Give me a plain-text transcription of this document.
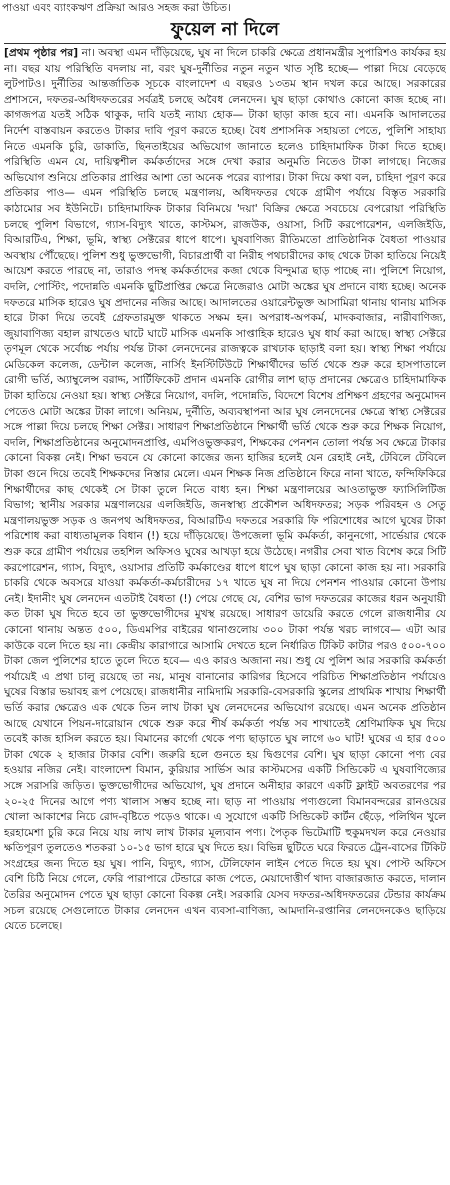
পাওয়া এবং ব্যাংকঋণ প্রক্রিয়া আরও সহজ করা উচিত।
ফুয়েল না দিলে

[প্রথম পৃষ্ঠার পর] না। অবস্থা এমন দাঁড়িয়েছে, ঘুষ না দিলে চাকরি ক্ষেত্রে প্রধানমন্ত্রীর সুপারিশও কার্যকর হয় না। বছর যায় পরিস্থিতি বদলায় না, বরং ঘুষ-দুর্নীতির নতুন নতুন খাত সৃষ্টি হচ্ছে— পাল্লা দিয়ে বেড়েছে লুটপাটও। দুর্নীতির আন্তর্জাতিক সূচকে বাংলাদেশ এ বছরও ১৩তম স্থান দখল করে আছে। সরকারের প্রশাসনে, দফতর-অধিদফতরের সর্বত্রই চলছে অবৈধ লেনদেন। ঘুষ ছাড়া কোথাও কোনো কাজ হচ্ছে না। কাগজপত্র যতই সঠিক থাকুক, দাবি যতই ন্যায্য হোক— টাকা ছাড়া কাজ হবে না। এমনকি আদালতের নির্দেশ বাস্তবায়ন করতেও টাকার দাবি পূরণ করতে হচ্ছে। বৈধ প্রশাসনিক সহায়তা পেতে, পুলিশি সাহায্য নিতে এমনকি চুরি, ডাকাতি, ছিনতাইয়ের অভিযোগ জানাতে হলেও চাহিদামাফিক টাকা দিতে হচ্ছে। পরিস্থিতি এমন যে, দায়িত্বশীল কর্মকর্তাদের সঙ্গে দেখা করার অনুমতি নিতেও টাকা লাগছে। নিজের অভিযোগ শুনিয়ে প্রতিকার প্রাপ্তির আশা তো অনেক পরের ব্যাপার। টাকা দিয়ে কথা বল, চাহিদা পূরণ করে প্রতিকার পাও— এমন পরিস্থিতি চলছে মন্ত্রণালয়, অধিদফতর থেকে গ্রামীণ পর্যায়ে বিস্তৃত সরকারি কাঠামোর সব ইউনিটে। চাহিদামাফিক টাকার বিনিময়ে 'দয়া' বিক্রির ক্ষেত্রে সবচেয়ে বেপরোয়া পরিস্থিতি চলছে পুলিশ বিভাগে, গ্যাস-বিদ্যুৎ খাতে, কাস্টমস, রাজউক, ওয়াসা, সিটি করপোরেশন, এলজিইডি, বিআরটিএ, শিক্ষা, ভূমি, স্বাস্থ্য সেক্টরের ধাপে ধাপে। ঘুষবাণিজ্য রীতিমতো প্রাতিষ্ঠানিক বৈধতা পাওয়ার অবস্থায় পৌঁছেছে। পুলিশ শুধু ভুক্তভোগী, বিচারপ্রার্থী বা নিরীহ পথচারীদের কাছ থেকে টাকা হাতিয়ে নিয়েই আয়েশ করতে পারছে না, তারাও পদস্থ কর্মকর্তাদের কজা থেকে বিন্দুমাত্র ছাড় পাচ্ছে না। পুলিশে নিয়োগ, বদলি, পোস্টিং, পদোন্নতি এমনকি ছুটিপ্রাপ্তির ক্ষেত্রে নিজেরাও মোটা অঙ্কের ঘুষ প্রদানে বাধ্য হচ্ছে। অনেক দফতরে মাসিক হারেও ঘুষ প্রদানের নজির আছে। আদালতের ওয়ারেন্টভুক্ত আসামিরা থানায় থানায় মাসিক হারে টাকা দিয়ে তবেই গ্রেফতারমুক্ত থাকতে সক্ষম হন। অপরাধ-অপকর্ম, মাদকবাজার, নারীবাণিজ্য, জুয়াবাণিজ্য বহাল রাখতেও ঘাটে ঘাটে মাসিক এমনকি সাপ্তাহিক হারেও ঘুষ ধার্য করা আছে। স্বাস্থ্য সেক্টরে তৃণমূল থেকে সর্বোচ্চ পর্যায় পর্যন্ত টাকা লেনদেনের রাজত্বকে রাখঢাক ছাড়াই বলা হয়। স্বাস্থ্য শিক্ষা পর্যায়ে মেডিকেল কলেজ, ডেন্টাল কলেজ, নার্সিং ইনস্টিটিউটে শিক্ষার্থীদের ভর্তি থেকে শুরু করে হাসপাতালে রোগী ভর্তি, অ্যাম্বুলেন্স বরাদ্দ, সার্টিফিকেট প্রদান এমনকি রোগীর লাশ ছাড় প্রদানের ক্ষেত্রেও চাহিদামাফিক টাকা হাতিয়ে নেওয়া হয়। স্বাস্থ্য সেক্টরে নিয়োগ, বদলি, পদোন্নতি, বিদেশে বিশেষ প্রশিক্ষণ গ্রহণের অনুমোদন পেতেও মোটা অঙ্কের টাকা লাগে। অনিয়ম, দুর্নীতি, অব্যবস্থাপনা আর ঘুষ লেনদেনের ক্ষেত্রে স্বাস্থ্য সেক্টরের সঙ্গে পাল্লা দিয়ে চলছে শিক্ষা সেক্টর। সাধারণ শিক্ষাপ্রতিষ্ঠানে শিক্ষার্থী ভর্তি থেকে শুরু করে শিক্ষক নিয়োগ, বদলি, শিক্ষাপ্রতিষ্ঠানের অনুমোদনপ্রাপ্তি, এমপিওভুক্তকরণ, শিক্ষকের পেনশন তোলা পর্যন্ত সব ক্ষেত্রে টাকার কোনো বিকল্প নেই। শিক্ষা ভবনে যে কোনো কাজের জন্য হাজির হলেই যেন রেহাই নেই, টেবিলে টেবিলে টাকা গুনে দিয়ে তবেই শিক্ষকদের নিস্তার মেলে। এমন শিক্ষক নিজ প্রতিষ্ঠানে ফিরে নানা খাতে, ফন্দিফিকিরে শিক্ষার্থীদের কাছ থেকেই সে টাকা তুলে নিতে বাধ্য হন। শিক্ষা মন্ত্রণালয়ের আওতাভুক্ত ফ্যাসিলিটিজ বিভাগ; স্থানীয় সরকার মন্ত্রণালয়ের এলজিইডি, জনস্বাস্থ্য প্রকৌশল অধিদফতর; সড়ক পরিবহন ও সেতু মন্ত্রণালয়ভুক্ত সড়ক ও জনপথ অধিদফতর, বিআরটিএ দফতরে সরকারি ফি পরিশোধের আগে ঘুষের টাকা পরিশোধ করা বাধ্যতামূলক বিধান (!) হয়ে দাঁড়িয়েছে। উপজেলা ভূমি কর্মকর্তা, কানুনগো, সার্ভেয়ার থেকে শুরু করে গ্রামীণ পর্যায়ের তহশিল অফিসও ঘুষের আখড়া হয়ে উঠেছে। নগরীর সেবা খাত বিশেষ করে সিটি করপোরেশন, গ্যাস, বিদ্যুৎ, ওয়াসার প্রতিটি কর্মকাণ্ডের ধাপে ধাপে ঘুষ ছাড়া কোনো কাজ হয় না। সরকারি চাকরি থেকে অবসরে যাওয়া কর্মকর্তা-কর্মচারীদের ১৭ খাতে ঘুষ না দিয়ে পেনশন পাওয়ার কোনো উপায় নেই। ইদানীং ঘুষ লেনদেন এতটাই বৈধতা (!) পেয়ে গেছে যে, বেশির ভাগ দফতরের কাজের ধরন অনুযায়ী কত টাকা ঘুষ দিতে হবে তা ভুক্তভোগীদের মুখস্থ রয়েছে। সাধারণ ডায়েরি করতে গেলে রাজধানীর যে কোনো থানায় অন্তত ৫০০, ডিএমপির বাইরের থানাগুলোয় ৩০০ টাকা পর্যন্ত খরচ লাগবে— এটা আর কাউকে বলে দিতে হয় না। কেন্দ্রীয় কারাগারে আসামি দেখতে হলে নির্ধারিত টিকিট কাটার পরও ৫০০-৭০০ টাকা জেল পুলিশের হাতে তুলে দিতে হবে— এও কারও অজানা নয়। শুধু যে পুলিশ আর সরকারি কর্মকর্তা পর্যায়েই এ প্রথা চালু রয়েছে তা নয়, মানুষ বানানোর কারিগর হিসেবে পরিচিত শিক্ষাপ্রতিষ্ঠান পর্যায়েও ঘুষের বিস্তার ভয়াবহ রূপ পেয়েছে। রাজধানীর নামিদামি সরকারি-বেসরকারি স্কুলের প্রাথমিক শাখায় শিক্ষার্থী ভর্তি করার ক্ষেত্রেও এক থেকে তিন লাখ টাকা ঘুষ লেনদেনের অভিযোগ রয়েছে। এমন অনেক প্রতিষ্ঠান আছে যেখানে পিয়ন-দারোয়ান থেকে শুরু করে শীর্ষ কর্মকর্তা পর্যন্ত সব শাখাতেই শ্রেণিমাফিক ঘুষ দিয়ে তবেই কাজ হাসিল করতে হয়। বিমানের কার্গো থেকে পণ্য ছাড়াতে ঘুষ লাগে ৬০ ঘাট! ঘুষের এ হার ৫০০ টাকা থেকে ২ হাজার টাকার বেশি। জরুরি হলে গুনতে হয় দ্বিগুণের বেশি। ঘুষ ছাড়া কোনো পণ্য বের হওয়ার নজির নেই। বাংলাদেশ বিমান, কুরিয়ার সার্ভিস আর কাস্টমসের একটি সিন্ডিকেট এ ঘুষবাণিজ্যের সঙ্গে সরাসরি জড়িত। ভুক্তভোগীদের অভিযোগ, ঘুষ প্রদানে অনীহার কারণে একটি ফ্লাইট অবতরণের পর ২০-২৫ দিনের আগে পণ্য খালাস সম্ভব হচ্ছে না। ছাড় না পাওয়ায় পণ্যগুলো বিমানবন্দরের রানওয়ের খোলা আকাশের নিচে রোদ-বৃষ্টিতে পড়েও থাকে। এ সুযোগে একটি সিন্ডিকেট কার্টন ছেঁড়ে, পলিথিন খুলে হরহামেশা চুরি করে নিয়ে যায় লাখ লাখ টাকার মূল্যবান পণ্য। পৈতৃক ভিটেমাটি হুকুমদখল করে নেওয়ার ক্ষতিপূরণ তুলতেও শতকরা ১০-১৫ ভাগ হারে ঘুষ দিতে হয়। বিভিন্ন ছুটিতে ঘরে ফিরতে ট্রেন-বাসের টিকিট সংগ্রহের জন্য দিতে হয় ঘুষ। পানি, বিদ্যুৎ, গ্যাস, টেলিফোন লাইন পেতে দিতে হয় ঘুষ। পোস্ট অফিসে বেশি চিঠি নিয়ে গেলে, ফেরি পারাপারে টেন্ডারে কাজ পেতে, মেয়াদোত্তীর্ণ খাদ্য বাজারজাত করতে, দালান তৈরির অনুমোদন পেতে ঘুষ ছাড়া কোনো বিকল্প নেই। সরকারি যেসব দফতর-অধিদফতরের টেন্ডার কার্যক্রম সচল রয়েছে সেগুলোতে টাকার লেনদেন এখন ব্যবসা-বাণিজ্য, আমদানি-রপ্তানির লেনদেনকেও ছাড়িয়ে যেতে চলেছে।
